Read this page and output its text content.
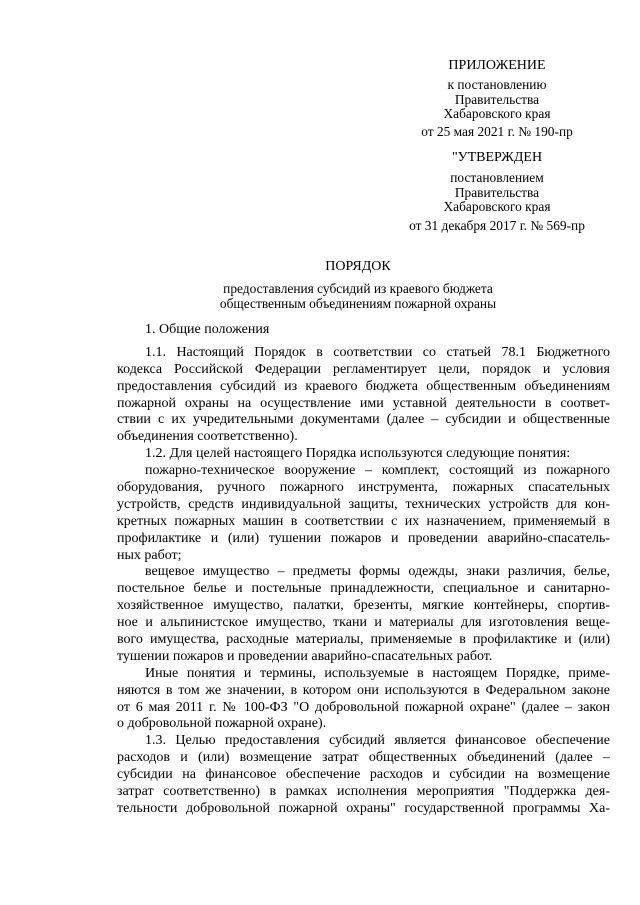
ПРИЛОЖЕНИЕ
к постановлению
Правительства
Хабаровского края
от 25 мая 2021 г. № 190-пр
"УТВЕРЖДЕН
постановлением
Правительства
Хабаровского края
от 31 декабря 2017 г. № 569-пр
ПОРЯДОК
предоставления субсидий из краевого бюджета
общественным объединениям пожарной охраны
1. Общие положения
1.1. Настоящий Порядок в соответствии со статьей 78.1 Бюджетного
кодекса Российской Федерации регламентирует цели, порядок и условия
предоставления субсидий из краевого бюджета общественным объединениям
пожарной охраны на осуществление ими уставной деятельности в соответ-
ствии с их учредительными документами (далее – субсидии и общественные
объединения соответственно).
1.2. Для целей настоящего Порядка используются следующие понятия:
пожарно-техническое вооружение – комплект, состоящий из пожарного
оборудования, ручного пожарного инструмента, пожарных спасательных
устройств, средств индивидуальной защиты, технических устройств для кон-
кретных пожарных машин в соответствии с их назначением, применяемый в
профилактике и (или) тушении пожаров и проведении аварийно-спасатель-
ных работ;
вещевое имущество – предметы формы одежды, знаки различия, белье,
постельное белье и постельные принадлежности, специальное и санитарно-
хозяйственное имущество, палатки, брезенты, мягкие контейнеры, спортив-
ное и альпинистское имущество, ткани и материалы для изготовления веще-
вого имущества, расходные материалы, применяемые в профилактике и (или)
тушении пожаров и проведении аварийно-спасательных работ.
Иные понятия и термины, используемые в настоящем Порядке, приме-
няются в том же значении, в котором они используются в Федеральном законе
от 6 мая 2011 г. № 100-ФЗ "О добровольной пожарной охране" (далее – закон
о добровольной пожарной охране).
1.3. Целью предоставления субсидий является финансовое обеспечение
расходов и (или) возмещение затрат общественных объединений (далее –
субсидии на финансовое обеспечение расходов и субсидии на возмещение
затрат соответственно) в рамках исполнения мероприятия "Поддержка дея-
тельности добровольной пожарной охраны" государственной программы Ха-
